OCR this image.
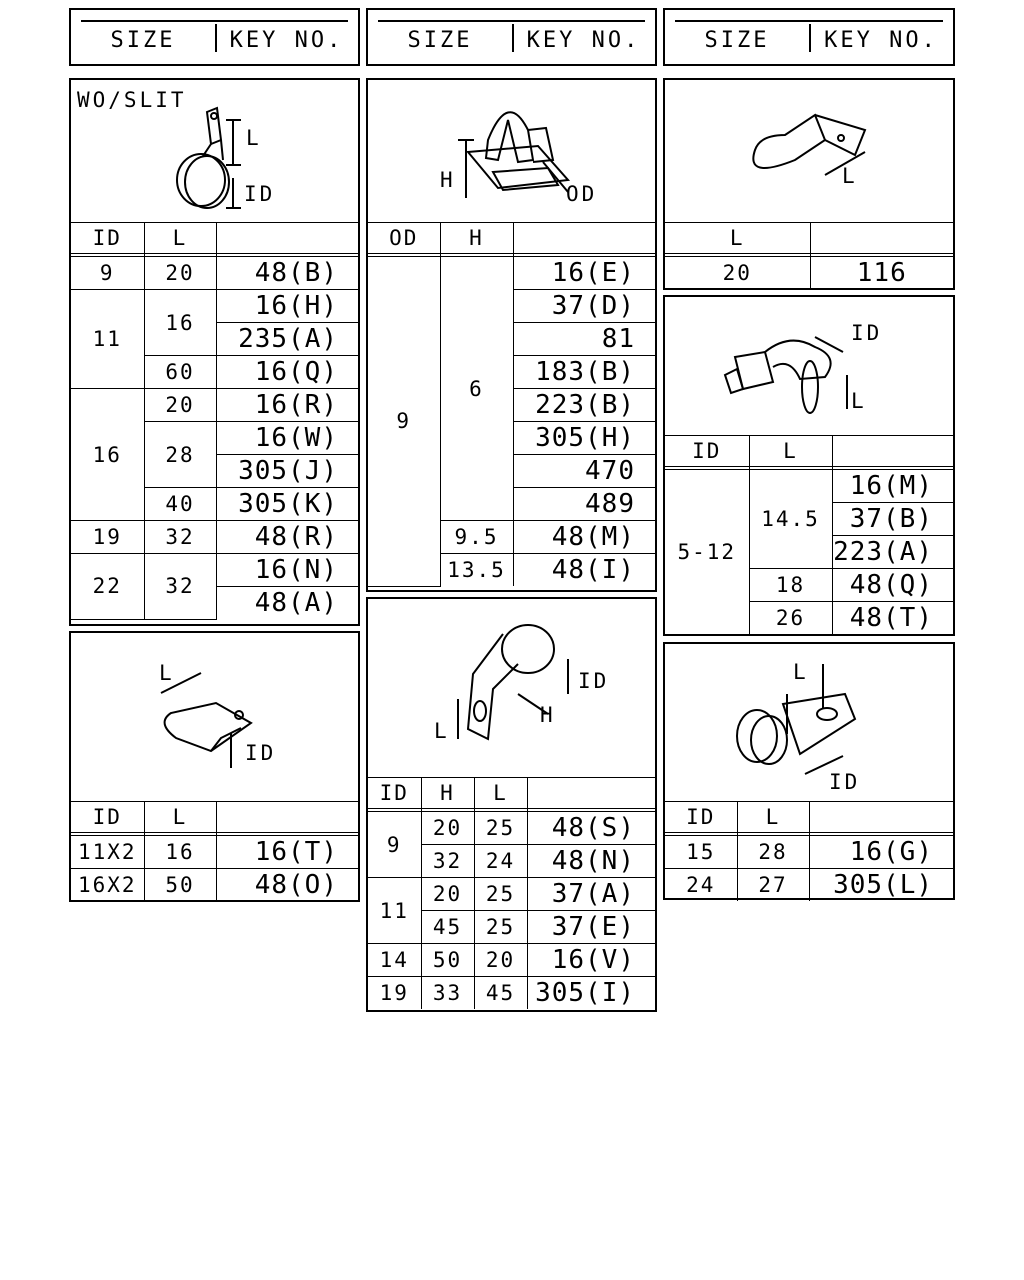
SIZE	KEY NO.	SIZE	KEY NO.	SIZE	KEY NO.
WO/SLIT
L
ID
ID	L	

9	20	48(B)
11	16	16(H)
		235(A)
	60	16(Q)
16	20	16(R)
	28	16(W)
		305(J)
	40	305(K)
19	32	48(R)
22	32	16(N)
		48(A)
H
OD
OD	H	

9	6	16(E)
		37(D)
		81
		183(B)
		223(B)
		305(H)
		470
		489
	9.5	48(M)
	13.5	48(I)
L
L	

20	116
ID
L
ID	L	

5-12	14.5	16(M)
		37(B)
		223(A)
	18	48(Q)
	26	48(T)
L
ID
ID	L	

11X2	16	16(T)
16X2	50	48(O)
ID
H
L
ID	H	L	

9	20	25	48(S)
	32	24	48(N)
11	20	25	37(A)
	45	25	37(E)
14	50	20	16(V)
19	33	45	305(I)
L
ID
ID	L	

15	28	16(G)
24	27	305(L)
